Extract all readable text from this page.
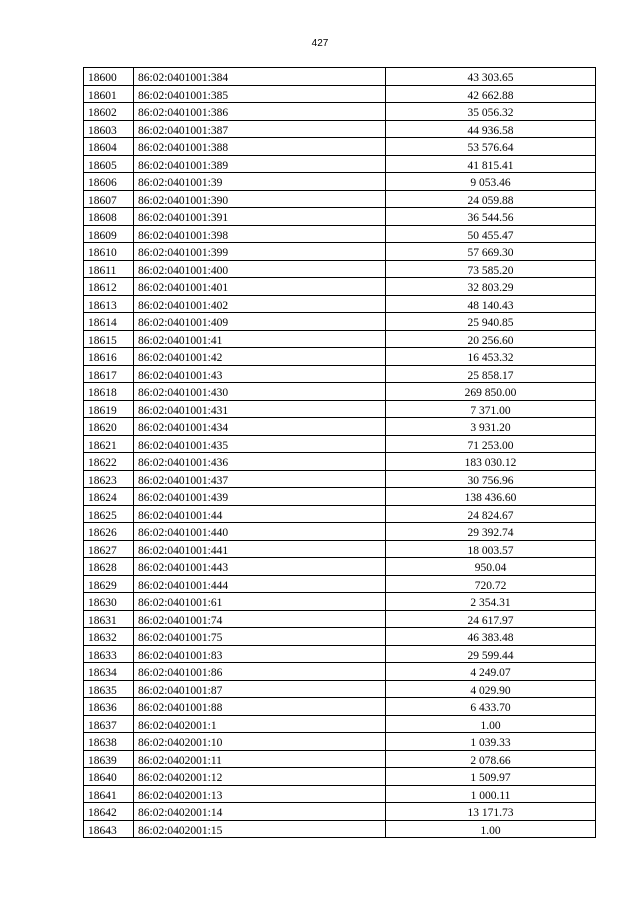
427
18600	86:02:0401001:384	43 303.65
18601	86:02:0401001:385	42 662.88
18602	86:02:0401001:386	35 056.32
18603	86:02:0401001:387	44 936.58
18604	86:02:0401001:388	53 576.64
18605	86:02:0401001:389	41 815.41
18606	86:02:0401001:39	9 053.46
18607	86:02:0401001:390	24 059.88
18608	86:02:0401001:391	36 544.56
18609	86:02:0401001:398	50 455.47
18610	86:02:0401001:399	57 669.30
18611	86:02:0401001:400	73 585.20
18612	86:02:0401001:401	32 803.29
18613	86:02:0401001:402	48 140.43
18614	86:02:0401001:409	25 940.85
18615	86:02:0401001:41	20 256.60
18616	86:02:0401001:42	16 453.32
18617	86:02:0401001:43	25 858.17
18618	86:02:0401001:430	269 850.00
18619	86:02:0401001:431	7 371.00
18620	86:02:0401001:434	3 931.20
18621	86:02:0401001:435	71 253.00
18622	86:02:0401001:436	183 030.12
18623	86:02:0401001:437	30 756.96
18624	86:02:0401001:439	138 436.60
18625	86:02:0401001:44	24 824.67
18626	86:02:0401001:440	29 392.74
18627	86:02:0401001:441	18 003.57
18628	86:02:0401001:443	950.04
18629	86:02:0401001:444	720.72
18630	86:02:0401001:61	2 354.31
18631	86:02:0401001:74	24 617.97
18632	86:02:0401001:75	46 383.48
18633	86:02:0401001:83	29 599.44
18634	86:02:0401001:86	4 249.07
18635	86:02:0401001:87	4 029.90
18636	86:02:0401001:88	6 433.70
18637	86:02:0402001:1	1.00
18638	86:02:0402001:10	1 039.33
18639	86:02:0402001:11	2 078.66
18640	86:02:0402001:12	1 509.97
18641	86:02:0402001:13	1 000.11
18642	86:02:0402001:14	13 171.73
18643	86:02:0402001:15	1.00
